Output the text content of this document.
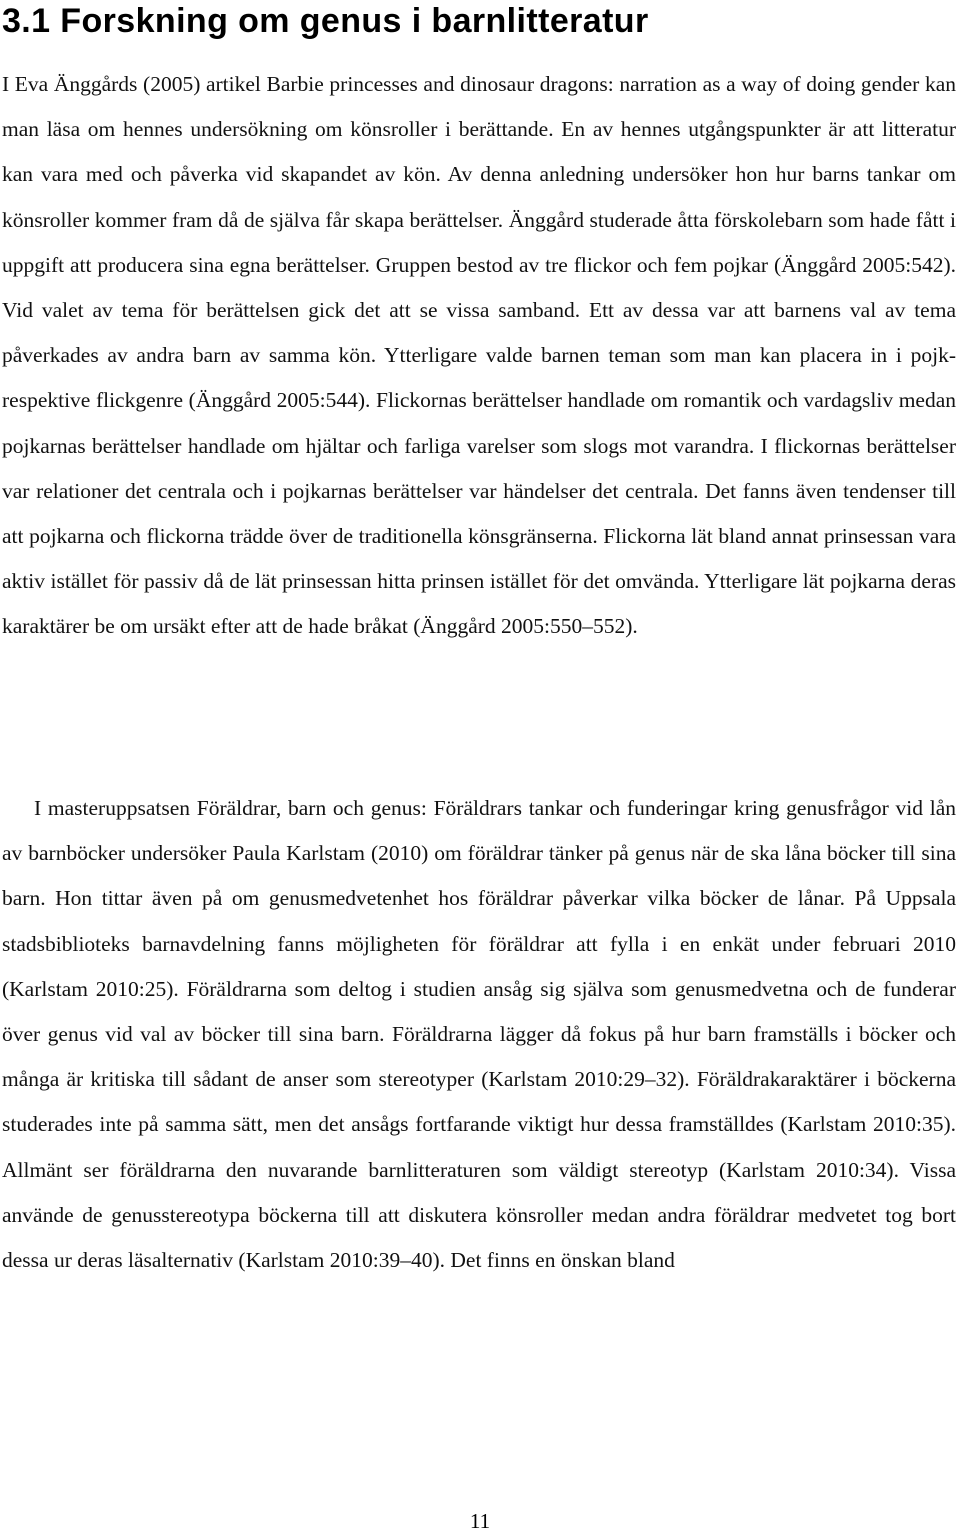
3.1 Forskning om genus i barnlitteratur

I Eva Änggårds (2005) artikel Barbie princesses and dinosaur dragons: narration as a way of doing gender kan man läsa om hennes undersökning om könsroller i berättande. En av hennes utgångspunkter är att litteratur kan vara med och påverka vid skapandet av kön. Av denna anledning undersöker hon hur barns tankar om könsroller kommer fram då de själva får skapa berättelser. Änggård studerade åtta förskolebarn som hade fått i uppgift att producera sina egna berättelser. Gruppen bestod av tre flickor och fem pojkar (Änggård 2005:542). Vid valet av tema för berättelsen gick det att se vissa samband. Ett av dessa var att barnens val av tema påverkades av andra barn av samma kön. Ytterligare valde barnen teman som man kan placera in i pojk- respektive flickgenre (Änggård 2005:544). Flickornas berättelser handlade om romantik och vardagsliv medan pojkarnas berättelser handlade om hjältar och farliga varelser som slogs mot varandra. I flickornas berättelser var relationer det centrala och i pojkarnas berättelser var händelser det centrala. Det fanns även tendenser till att pojkarna och flickorna trädde över de traditionella könsgränserna. Flickorna lät bland annat prinsessan vara aktiv istället för passiv då de lät prinsessan hitta prinsen istället för det omvända. Ytterligare lät pojkarna deras karaktärer be om ursäkt efter att de hade bråkat (Änggård 2005:550–552).

I masteruppsatsen Föräldrar, barn och genus: Föräldrars tankar och funderingar kring genusfrågor vid lån av barnböcker undersöker Paula Karlstam (2010) om föräldrar tänker på genus när de ska låna böcker till sina barn. Hon tittar även på om genusmedvetenhet hos föräldrar påverkar vilka böcker de lånar. På Uppsala stadsbiblioteks barnavdelning fanns möjligheten för föräldrar att fylla i en enkät under februari 2010 (Karlstam 2010:25). Föräldrarna som deltog i studien ansåg sig själva som genusmedvetna och de funderar över genus vid val av böcker till sina barn. Föräldrarna lägger då fokus på hur barn framställs i böcker och många är kritiska till sådant de anser som stereotyper (Karlstam 2010:29–32). Föräldrakaraktärer i böckerna studerades inte på samma sätt, men det ansågs fortfarande viktigt hur dessa framställdes (Karlstam 2010:35). Allmänt ser föräldrarna den nuvarande barnlitteraturen som väldigt stereotyp (Karlstam 2010:34). Vissa använde de genusstereotypa böckerna till att diskutera könsroller medan andra föräldrar medvetet tog bort dessa ur deras läsalternativ (Karlstam 2010:39–40). Det finns en önskan bland

11
